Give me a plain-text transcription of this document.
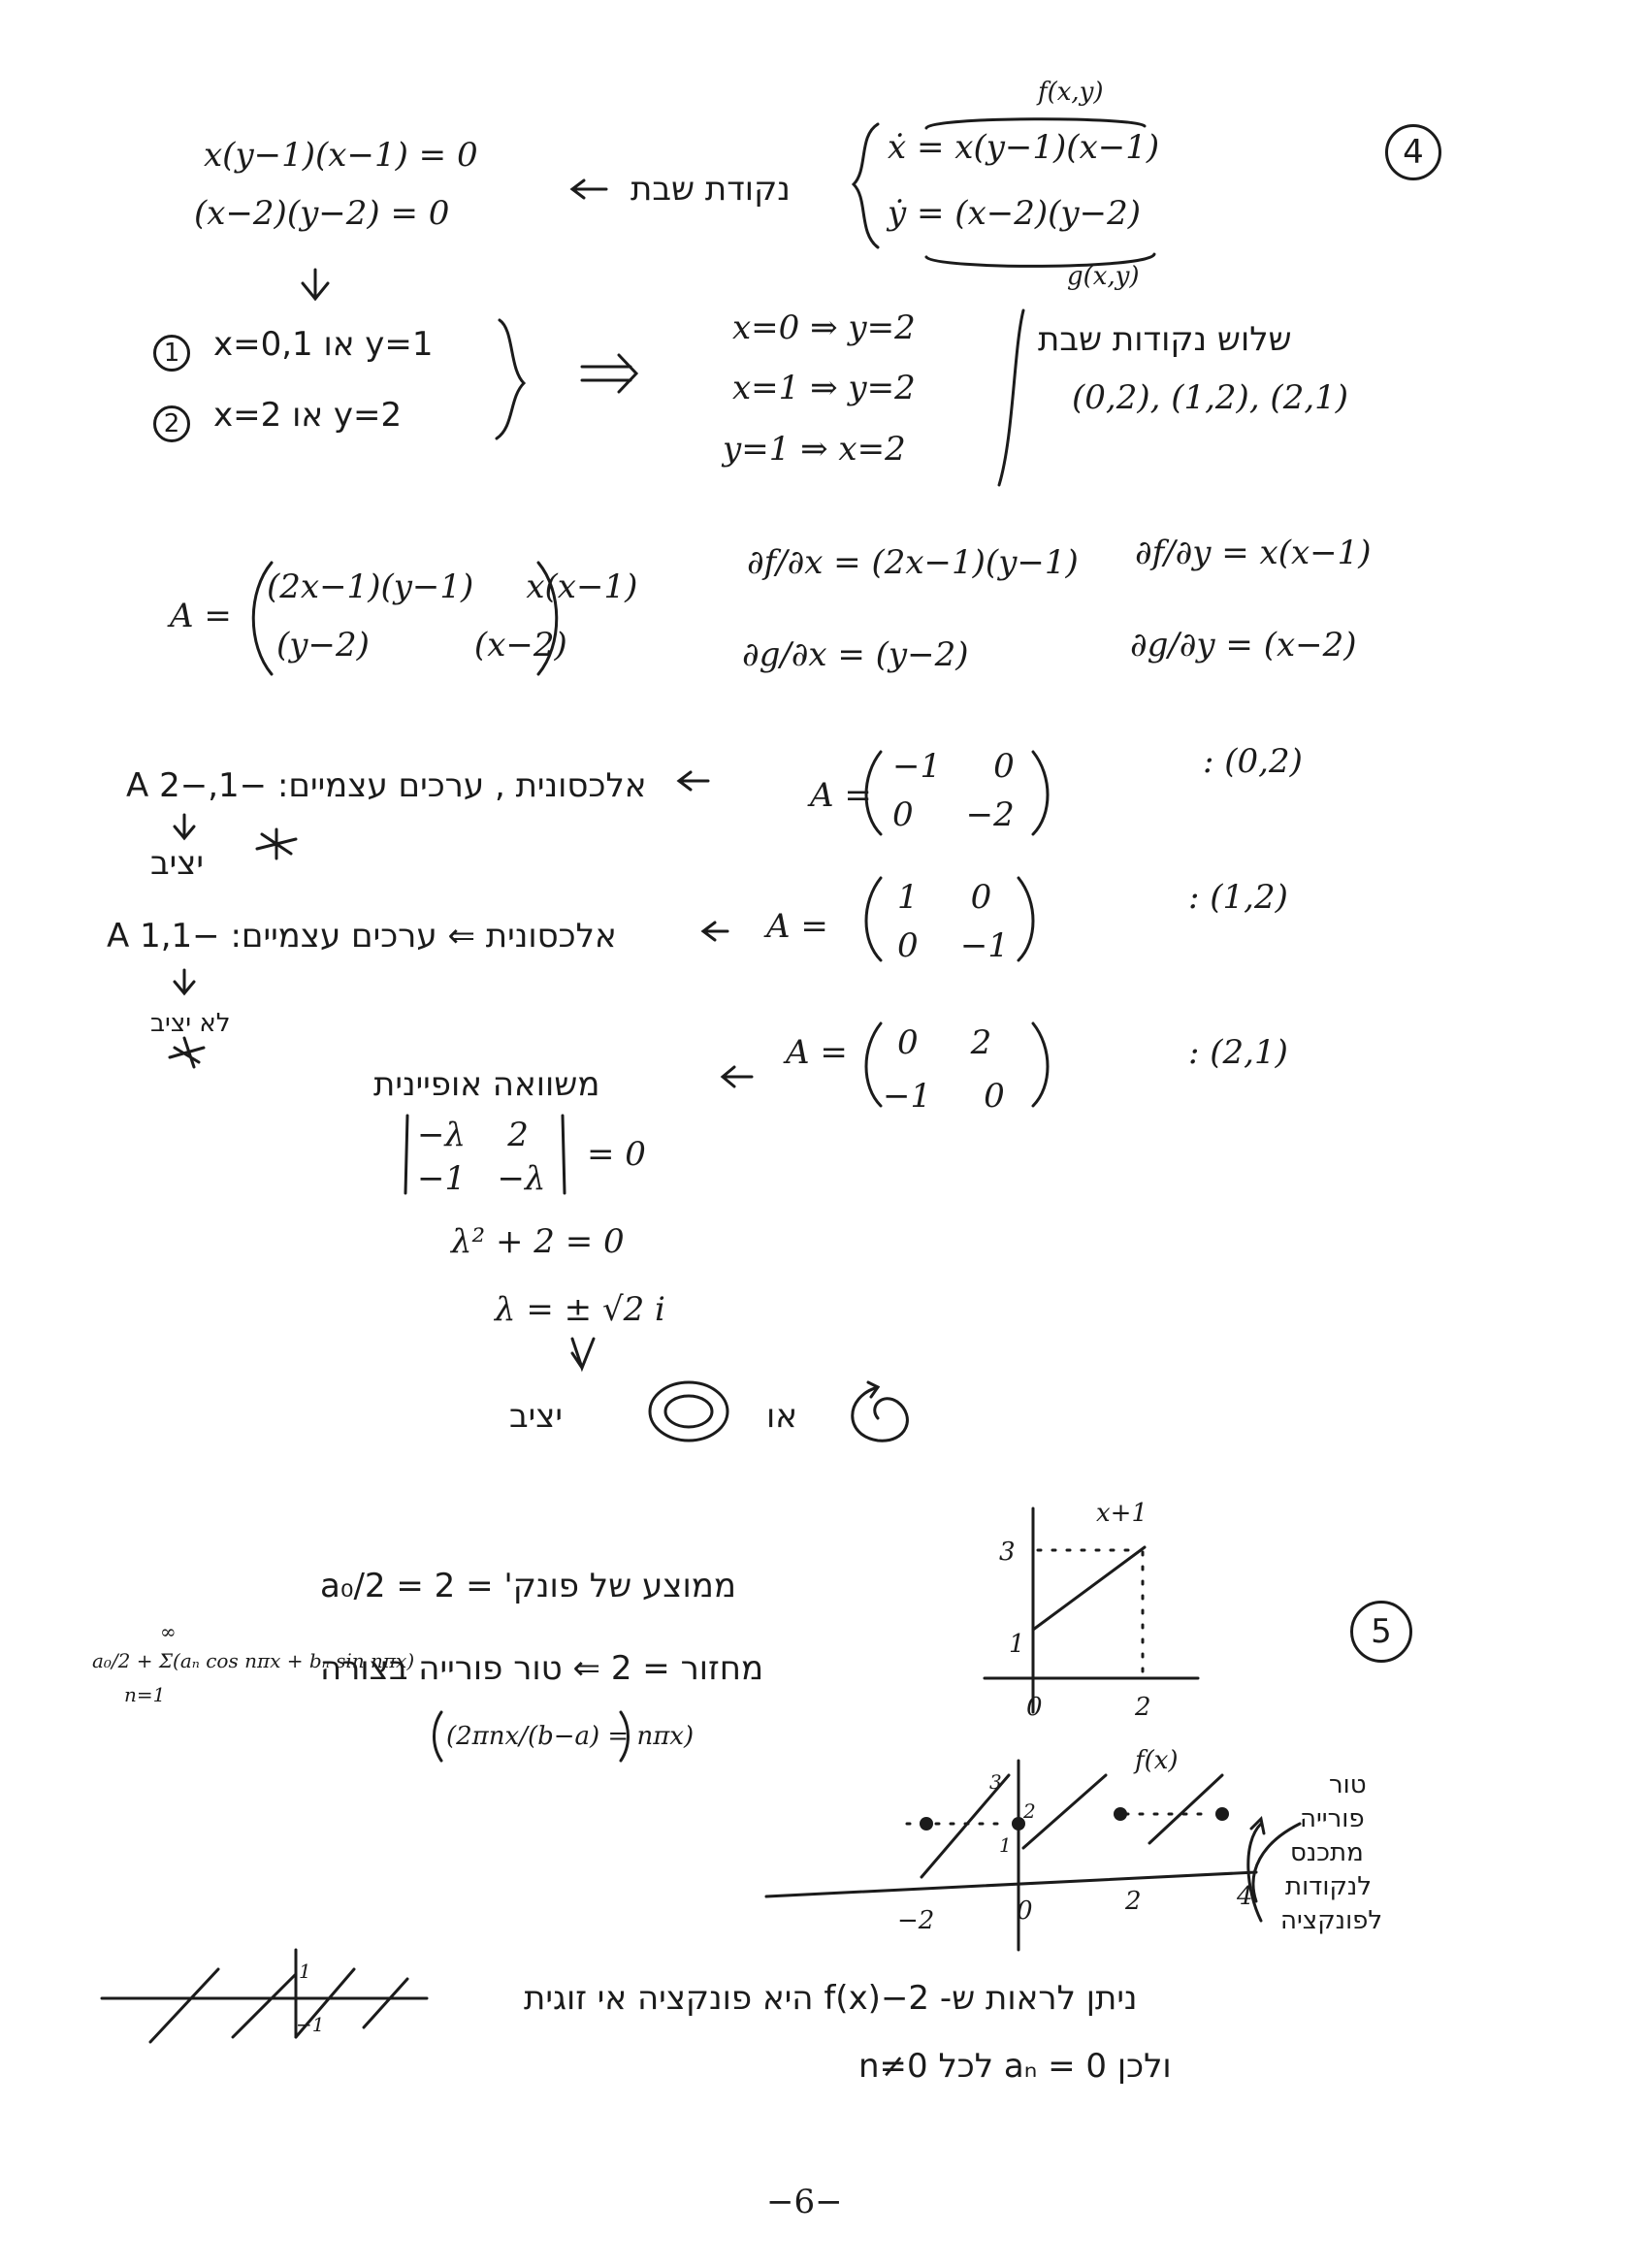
4
f(x,y)
ẋ = x(y−1)(x−1)
ẏ = (x−2)(y−2)
g(x,y)
נקודת שבת
x(y−1)(x−1) = 0
(x−2)(y−2) = 0
1	x=0,1 או y=1
2	x=2 או y=2
x=0 ⇒ y=2
x=1 ⇒ y=2
y=1 ⇒ x=2
שלוש נקודות שבת
(0,2), (1,2), (2,1)
A =
(2x−1)(y−1)     x(x−1)
(y−2)          (x−2)
∂f/∂x = (2x−1)(y−1) ∂f/∂y = x(x−1)
∂g/∂x = (y−2)	∂g/∂y = (x−2)
: (0,2)
A =
−1     0
0     −2
A אלכסונית , ערכים עצמיים: −1,−2
יציב
: (1,2)
A =
1     0
0    −1
A אלכסונית ⇐ ערכים עצמיים: −1,1
לא יציב
: (2,1)
A = 0     2
−1     0
משוואה אופיינית
−λ    2
−1   −λ
= 0
λ² + 2 = 0
λ = ± √2 i
יציב	או
5
x+1
3
1
0	2
ממוצע של פונק' = 2 = a₀/2
מחזור = 2 ⇐ טור פורייה בצורה
a₀/2 + Σ(aₙ cos nπx + bₙ sin nπx)
n=1
∞
(2πnx/(b−a) = nπx)
f(x)
3
2
1
−2	0	2	4
טור
פורייה
מתכנס
לנקודות
לפונקציה
1
−1
ניתן לראות ש- f(x)−2 היא פונקציה אי זוגית
ולכן aₙ = 0 לכל n≠0
−6−
